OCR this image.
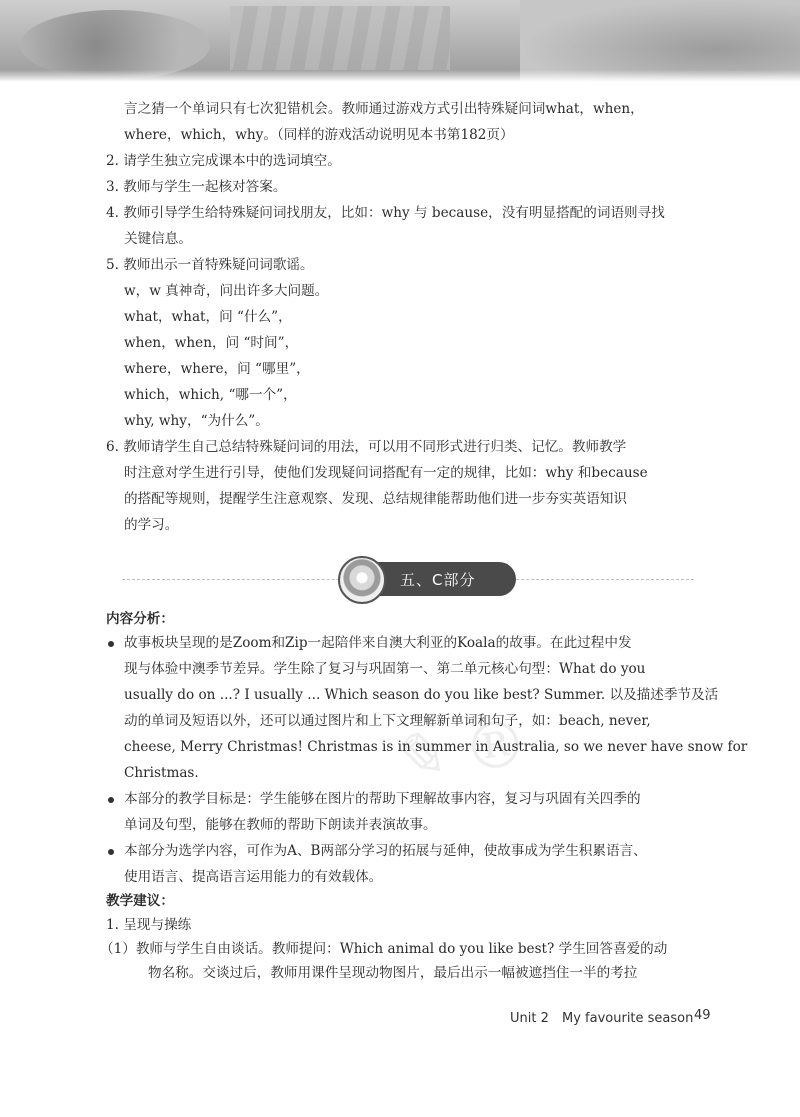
✎ ®
言之猜一个单词只有七次犯错机会。教师通过游戏方式引出特殊疑问词what，when，
where，which，why。（同样的游戏活动说明见本书第182页）
2. 请学生独立完成课本中的选词填空。
3. 教师与学生一起核对答案。
4. 教师引导学生给特殊疑问词找朋友，比如：why 与 because，没有明显搭配的词语则寻找
关键信息。
5. 教师出示一首特殊疑问词歌谣。
w，w 真神奇，问出许多大问题。
what，what，问 “什么”，
when，when，问 “时间”，
where，where，问 “哪里”，
which，which, “哪一个”，
why, why，“为什么”。
6. 教师请学生自己总结特殊疑问词的用法，可以用不同形式进行归类、记忆。教师教学
时注意对学生进行引导，使他们发现疑问词搭配有一定的规律，比如：why 和because
的搭配等规则，提醒学生注意观察、发现、总结规律能帮助他们进一步夯实英语知识
的学习。
五、C部分
内容分析：
故事板块呈现的是Zoom和Zip一起陪伴来自澳大利亚的Koala的故事。在此过程中发
现与体验中澳季节差异。学生除了复习与巩固第一、第二单元核心句型：What do you
usually do on ...? I usually ... Which season do you like best? Summer. 以及描述季节及活
动的单词及短语以外，还可以通过图片和上下文理解新单词和句子，如：beach, never,
cheese, Merry Christmas! Christmas is in summer in Australia, so we never have snow for
Christmas.
本部分的教学目标是：学生能够在图片的帮助下理解故事内容，复习与巩固有关四季的
单词及句型，能够在教师的帮助下朗读并表演故事。
本部分为选学内容，可作为A、B两部分学习的拓展与延伸，使故事成为学生积累语言、
使用语言、提高语言运用能力的有效载体。
教学建议：
1. 呈现与操练
（1）教师与学生自由谈话。教师提问：Which animal do you like best? 学生回答喜爱的动
物名称。交谈过后，教师用课件呈现动物图片，最后出示一幅被遮挡住一半的考拉
Unit 2 My favourite season 49
